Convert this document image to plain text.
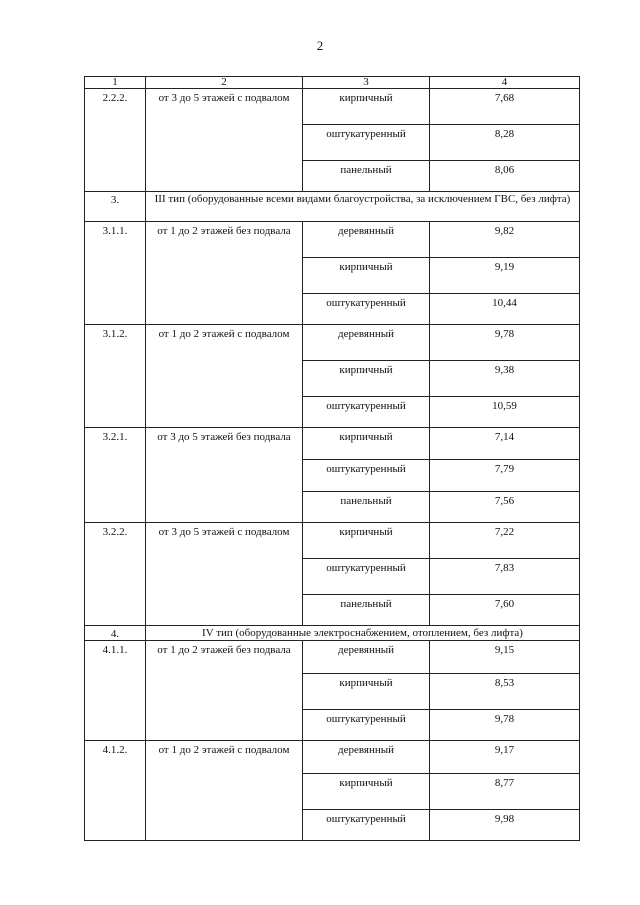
2
1	2	3	4
2.2.2.	от 3 до 5 этажей с подвалом	кирпичный	7,68
		оштукатуренный	8,28
		панельный	8,06
3.	III тип (оборудованные всеми видами благоустройства, за исключением ГВС, без лифта)		
3.1.1.	от 1 до 2 этажей без подвала	деревянный	9,82
		кирпичный	9,19
		оштукатуренный	10,44
3.1.2.	от 1 до 2 этажей с подвалом	деревянный	9,78
		кирпичный	9,38
		оштукатуренный	10,59
3.2.1.	от 3 до 5 этажей без подвала	кирпичный	7,14
		оштукатуренный	7,79
		панельный	7,56
3.2.2.	от 3 до 5 этажей с подвалом	кирпичный	7,22
		оштукатуренный	7,83
		панельный	7,60
4.	IV тип (оборудованные электроснабжением, отоплением, без лифта)		
4.1.1.	от 1 до 2 этажей без подвала	деревянный	9,15
		кирпичный	8,53
		оштукатуренный	9,78
4.1.2.	от 1 до 2 этажей с подвалом	деревянный	9,17
		кирпичный	8,77
		оштукатуренный	9,98
